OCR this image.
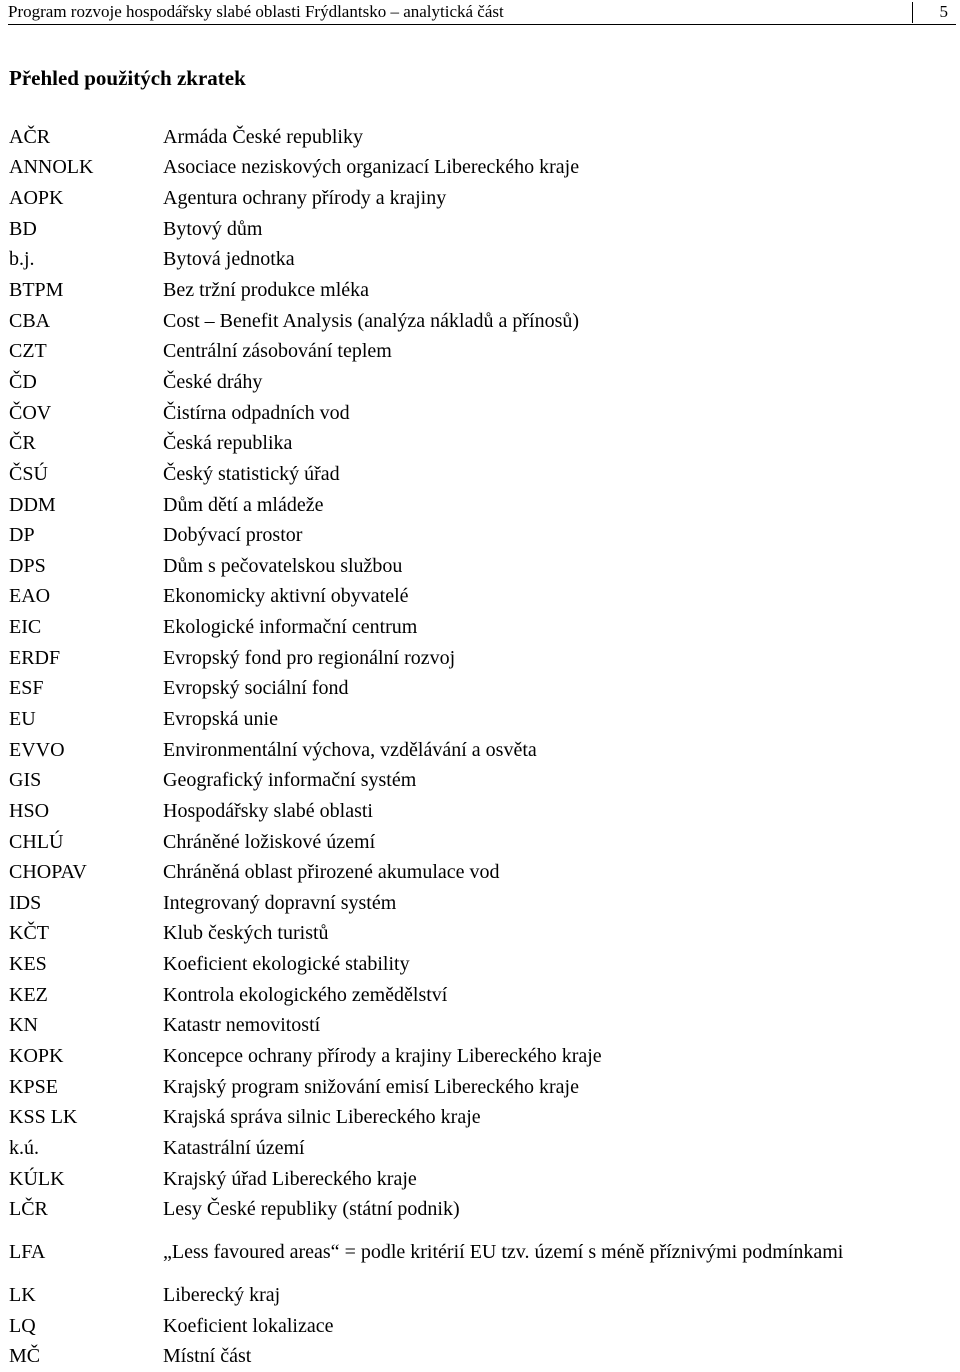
Program rozvoje hospodářsky slabé oblasti Frýdlantsko – analytická část	5
Přehled použitých zkratek
AČR	Armáda České republiky
ANNOLK	Asociace neziskových organizací Libereckého kraje
AOPK	Agentura ochrany přírody a krajiny
BD	Bytový dům
b.j.	Bytová jednotka
BTPM	Bez tržní produkce mléka
CBA	Cost – Benefit Analysis (analýza nákladů a přínosů)
CZT	Centrální zásobování teplem
ČD	České dráhy
ČOV	Čistírna odpadních vod
ČR	Česká republika
ČSÚ	Český statistický úřad
DDM	Dům dětí a mládeže
DP	Dobývací prostor
DPS	Dům s pečovatelskou službou
EAO	Ekonomicky aktivní obyvatelé
EIC	Ekologické informační centrum
ERDF	Evropský fond pro regionální rozvoj
ESF	Evropský sociální fond
EU	Evropská unie
EVVO	Environmentální výchova, vzdělávání a osvěta
GIS	Geografický informační systém
HSO	Hospodářsky slabé oblasti
CHLÚ	Chráněné ložiskové území
CHOPAV	Chráněná oblast přirozené akumulace vod
IDS	Integrovaný dopravní systém
KČT	Klub českých turistů
KES	Koeficient ekologické stability
KEZ	Kontrola ekologického zemědělství
KN	Katastr nemovitostí
KOPK	Koncepce ochrany přírody a krajiny Libereckého kraje
KPSE	Krajský program snižování emisí Libereckého kraje
KSS LK	Krajská správa silnic Libereckého kraje
k.ú.	Katastrální území
KÚLK	Krajský úřad Libereckého kraje
LČR	Lesy České republiky (státní podnik)
LFA	„Less favoured areas“ = podle kritérií EU tzv. území s méně příznivými podmínkami
LK	Liberecký kraj
LQ	Koeficient lokalizace
MČ	Místní část
